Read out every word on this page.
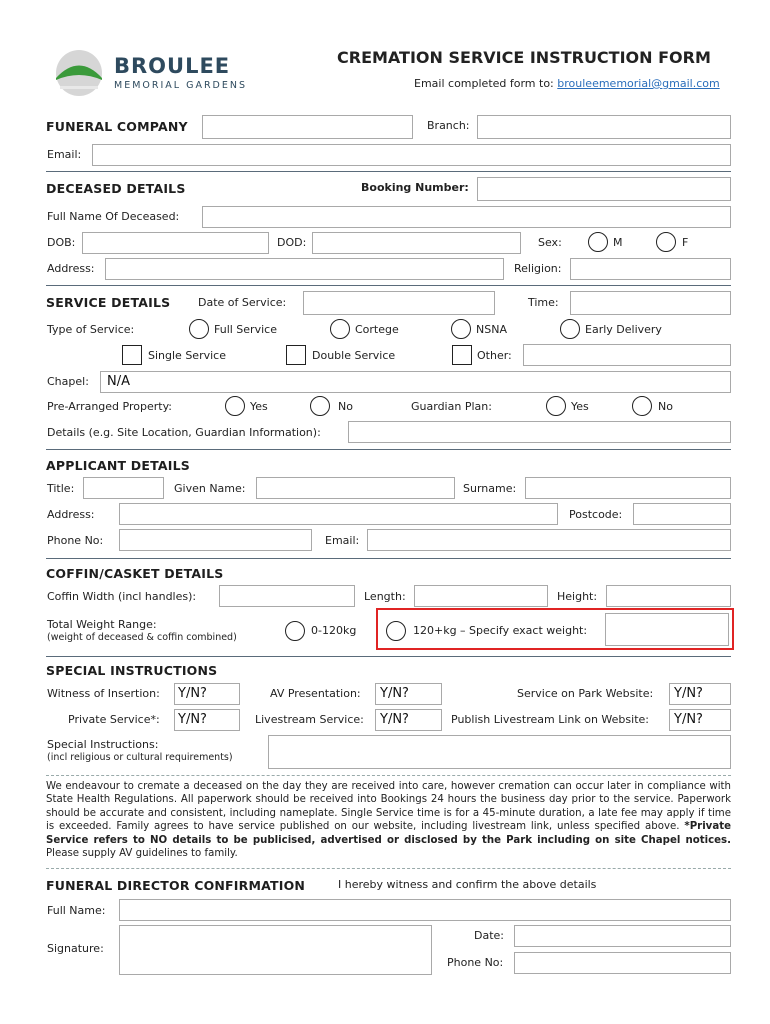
BROULEE
MEMORIAL GARDENS
CREMATION SERVICE INSTRUCTION FORM
Email completed form to: brouleememorial@gmail.com
FUNERAL COMPANY	Branch:
Email:
DECEASED DETAILS	Booking Number:
Full Name Of Deceased:
DOB:	DOD:	Sex:	M	F
Address:	Religion:
SERVICE DETAILS	Date of Service:	Time:
Type of Service:	Full Service	Cortege	NSNA	Early Delivery
Single Service	Double Service	Other:
Chapel: N/A
Pre-Arranged Property:	Yes	No	Guardian Plan:	Yes	No
Details (e.g. Site Location, Guardian Information):
APPLICANT DETAILS
Title:	Given Name:	Surname:
Address:	Postcode:
Phone No:	Email:
COFFIN/CASKET DETAILS
Coffin Width (incl handles):	Length:	Height:
Total Weight Range:
(weight of deceased & coffin combined)
0-120kg	120+kg – Specify exact weight:
SPECIAL INSTRUCTIONS
Witness of Insertion: Y/N?	AV Presentation: Y/N?	Service on Park Website: Y/N?
Private Service*: Y/N?	Livestream Service: Y/N?	Publish Livestream Link on Website: Y/N?
Special Instructions:
(incl religious or cultural requirements)
We endeavour to cremate a deceased on the day they are received into care, however cremation can occur later in compliance with State Health Regulations. All paperwork should be received into Bookings 24 hours the business day prior to the service. Paperwork should be accurate and consistent, including nameplate. Single Service time is for a 45-minute duration, a late fee may apply if time is exceeded. Family agrees to have service published on our website, including livestream link, unless specified above. *Private Service refers to NO details to be publicised, advertised or disclosed by the Park including on site Chapel notices. Please supply AV guidelines to family.
FUNERAL DIRECTOR CONFIRMATION	I hereby witness and confirm the above details
Full Name:
Signature:
Date:
Phone No:
